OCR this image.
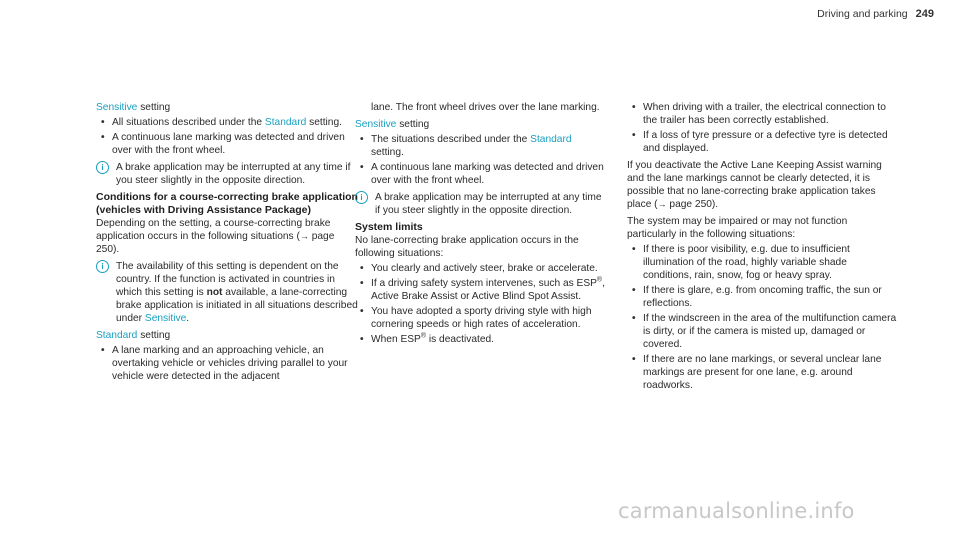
Driving and parking 249

Sensitive setting

• All situations described under the Standard setting.

• A continuous lane marking was detected and driven over with the front wheel.

i	A brake application may be interrupted at any time if you steer slightly in the opposite direction.

Conditions for a course-correcting brake application (vehicles with Driving Assistance Package)

Depending on the setting, a course-correcting brake application occurs in the following situations (→ page 250).

i	The availability of this setting is dependent on the country. If the function is activated in countries in which this setting is not available, a lane-correcting brake application is initiated in all situations described under Sensitive.

Standard setting

• A lane marking and an approaching vehicle, an overtaking vehicle or vehicles driving parallel to your vehicle were detected in the adjacent

lane. The front wheel drives over the lane marking.

Sensitive setting

• The situations described under the Standard setting.

• A continuous lane marking was detected and driven over with the front wheel.

i	A brake application may be interrupted at any time if you steer slightly in the opposite direction.

System limits

No lane-correcting brake application occurs in the following situations:

• You clearly and actively steer, brake or accelerate.

• If a driving safety system intervenes, such as ESP®, Active Brake Assist or Active Blind Spot Assist.

• You have adopted a sporty driving style with high cornering speeds or high rates of acceleration.

• When ESP® is deactivated.

• When driving with a trailer, the electrical connection to the trailer has been correctly established.

• If a loss of tyre pressure or a defective tyre is detected and displayed.

If you deactivate the Active Lane Keeping Assist warning and the lane markings cannot be clearly detected, it is possible that no lane-correcting brake application takes place (→ page 250).

The system may be impaired or may not function particularly in the following situations:

• If there is poor visibility, e.g. due to insufficient illumination of the road, highly variable shade conditions, rain, snow, fog or heavy spray.

• If there is glare, e.g. from oncoming traffic, the sun or reflections.

• If the windscreen in the area of the multifunction camera is dirty, or if the camera is misted up, damaged or covered.

• If there are no lane markings, or several unclear lane markings are present for one lane, e.g. around roadworks.

carmanualsonline.info
